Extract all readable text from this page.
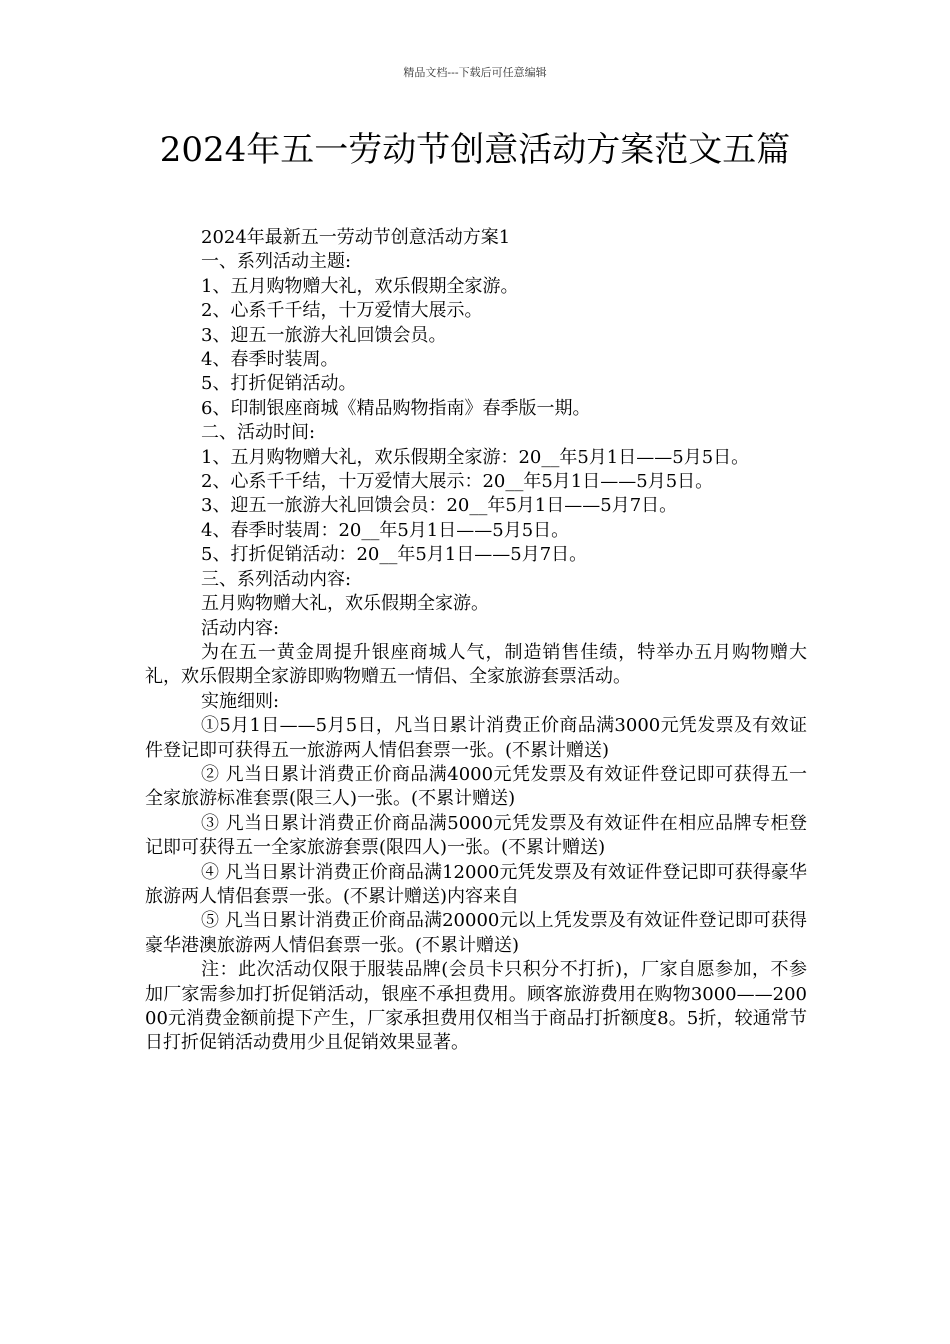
精品文档---下载后可任意编辑
2024年五一劳动节创意活动方案范文五篇

2024年最新五一劳动节创意活动方案1

一、系列活动主题:

1、五月购物赠大礼，欢乐假期全家游。

2、心系千千结，十万爱情大展示。

3、迎五一旅游大礼回馈会员。

4、春季时装周。

5、打折促销活动。

6、印制银座商城《精品购物指南》春季版一期。

二、活动时间:

1、五月购物赠大礼，欢乐假期全家游：20__年5月1日——5月5日。

2、心系千千结，十万爱情大展示：20__年5月1日——5月5日。

3、迎五一旅游大礼回馈会员：20__年5月1日——5月7日。

4、春季时装周：20__年5月1日——5月5日。

5、打折促销活动：20__年5月1日——5月7日。

三、系列活动内容:

五月购物赠大礼，欢乐假期全家游。

活动内容:

为在五一黄金周提升银座商城人气，制造销售佳绩，特举办五月购物赠大礼，欢乐假期全家游即购物赠五一情侣、全家旅游套票活动。

实施细则:

①5月1日——5月5日，凡当日累计消费正价商品满3000元凭发票及有效证件登记即可获得五一旅游两人情侣套票一张。(不累计赠送)

② 凡当日累计消费正价商品满4000元凭发票及有效证件登记即可获得五一全家旅游标准套票(限三人)一张。(不累计赠送)

③ 凡当日累计消费正价商品满5000元凭发票及有效证件在相应品牌专柜登记即可获得五一全家旅游套票(限四人)一张。(不累计赠送)

④ 凡当日累计消费正价商品满12000元凭发票及有效证件登记即可获得豪华旅游两人情侣套票一张。(不累计赠送)内容来自

⑤ 凡当日累计消费正价商品满20000元以上凭发票及有效证件登记即可获得豪华港澳旅游两人情侣套票一张。(不累计赠送)

注：此次活动仅限于服装品牌(会员卡只积分不打折)，厂家自愿参加，不参加厂家需参加打折促销活动，银座不承担费用。顾客旅游费用在购物3000——20000元消费金额前提下产生，厂家承担费用仅相当于商品打折额度8。5折，较通常节日打折促销活动费用少且促销效果显著。
